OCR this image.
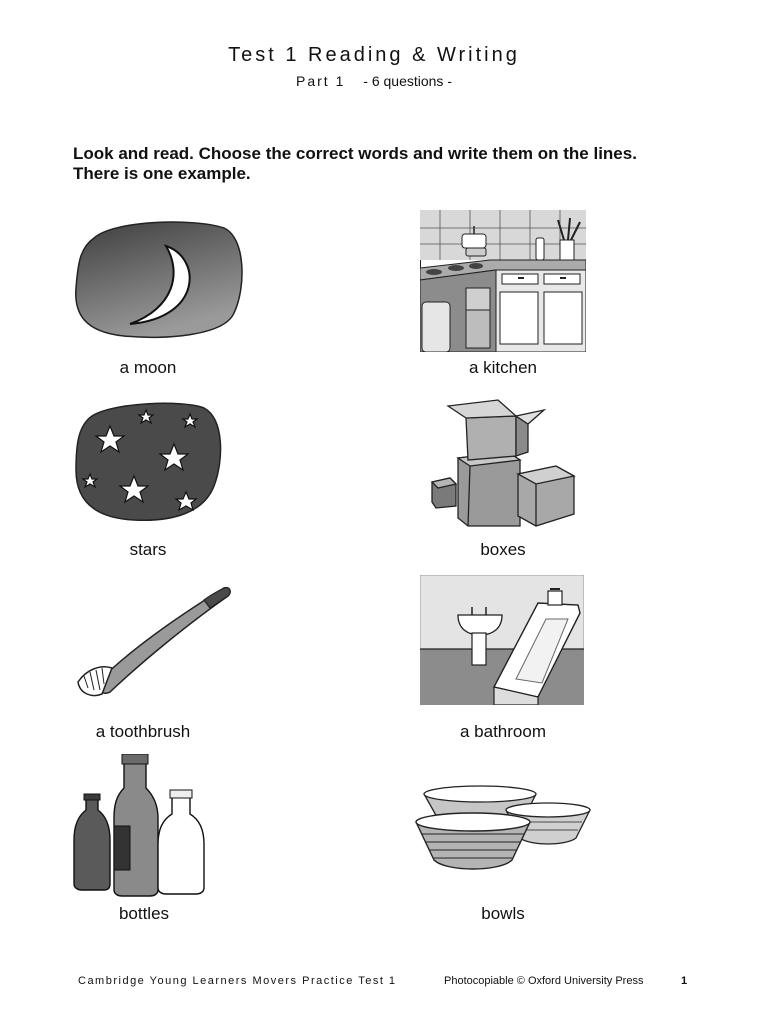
Test 1 Reading & Writing
Part 1 - 6 questions -
Look and read. Choose the correct words and write them on the lines. There is one example.
a moon	a kitchen
stars	boxes
a toothbrush	a bathroom
bottles	bowls
Cambridge Young Learners Movers Practice Test 1	Photocopiable © Oxford University Press	1
